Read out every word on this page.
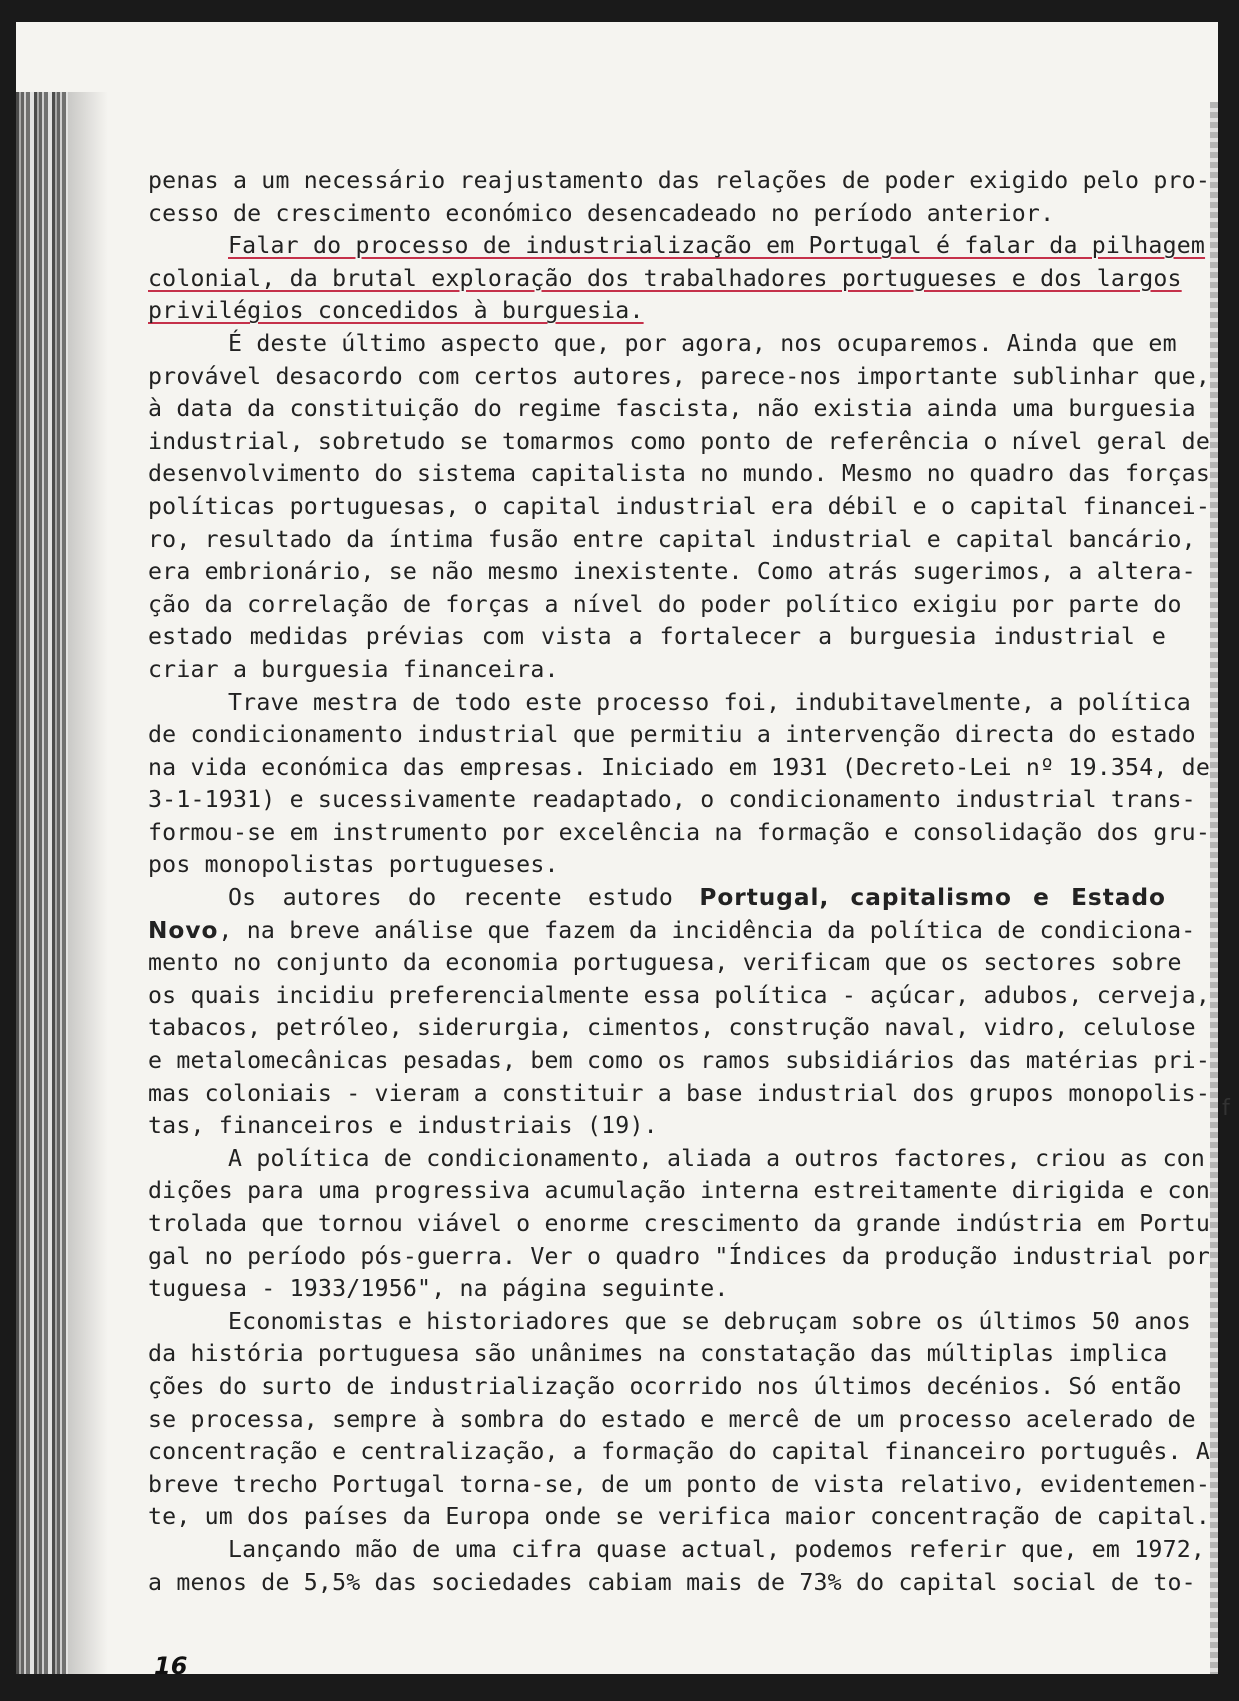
penas a um necessário reajustamento das relações de poder exigido pelo pro-
cesso de crescimento económico desencadeado no período anterior.
Falar do processo de industrialização em Portugal é falar da pilhagem
colonial, da brutal exploração dos trabalhadores portugueses e dos largos
privilégios concedidos à burguesia.
É deste último aspecto que, por agora, nos ocuparemos. Ainda que em
provável desacordo com certos autores, parece-nos importante sublinhar que,
à data da constituição do regime fascista, não existia ainda uma burguesia
industrial, sobretudo se tomarmos como ponto de referência o nível geral de
desenvolvimento do sistema capitalista no mundo. Mesmo no quadro das forças
políticas portuguesas, o capital industrial era débil e o capital financei-
ro, resultado da íntima fusão entre capital industrial e capital bancário,
era embrionário, se não mesmo inexistente. Como atrás sugerimos, a altera-
ção da correlação de forças a nível do poder político exigiu por parte do
estado medidas prévias com vista a fortalecer a burguesia industrial e
criar a burguesia financeira.
Trave mestra de todo este processo foi, indubitavelmente, a política
de condicionamento industrial que permitiu a intervenção directa do estado
na vida económica das empresas. Iniciado em 1931 (Decreto-Lei nº 19.354, de
3-1-1931) e sucessivamente readaptado, o condicionamento industrial trans-
formou-se em instrumento por excelência na formação e consolidação dos gru-
pos monopolistas portugueses.
Os autores do recente estudo Portugal, capitalismo e Estado
Novo, na breve análise que fazem da incidência da política de condiciona-
mento no conjunto da economia portuguesa, verificam que os sectores sobre
os quais incidiu preferencialmente essa política - açúcar, adubos, cerveja,
tabacos, petróleo, siderurgia, cimentos, construção naval, vidro, celulose
e metalomecânicas pesadas, bem como os ramos subsidiários das matérias pri-
mas coloniais - vieram a constituir a base industrial dos grupos monopolis-
tas, financeiros e industriais (19).
A política de condicionamento, aliada a outros factores, criou as con
dições para uma progressiva acumulação interna estreitamente dirigida e con
trolada que tornou viável o enorme crescimento da grande indústria em Portu
gal no período pós-guerra. Ver o quadro "Índices da produção industrial por
tuguesa - 1933/1956", na página seguinte.
Economistas e historiadores que se debruçam sobre os últimos 50 anos
da história portuguesa são unânimes na constatação das múltiplas implica
ções do surto de industrialização ocorrido nos últimos decénios. Só então
se processa, sempre à sombra do estado e mercê de um processo acelerado de
concentração e centralização, a formação do capital financeiro português. A
breve trecho Portugal torna-se, de um ponto de vista relativo, evidentemen-
te, um dos países da Europa onde se verifica maior concentração de capital.
Lançando mão de uma cifra quase actual, podemos referir que, em 1972,
a menos de 5,5% das sociedades cabiam mais de 73% do capital social de to-
16
f
